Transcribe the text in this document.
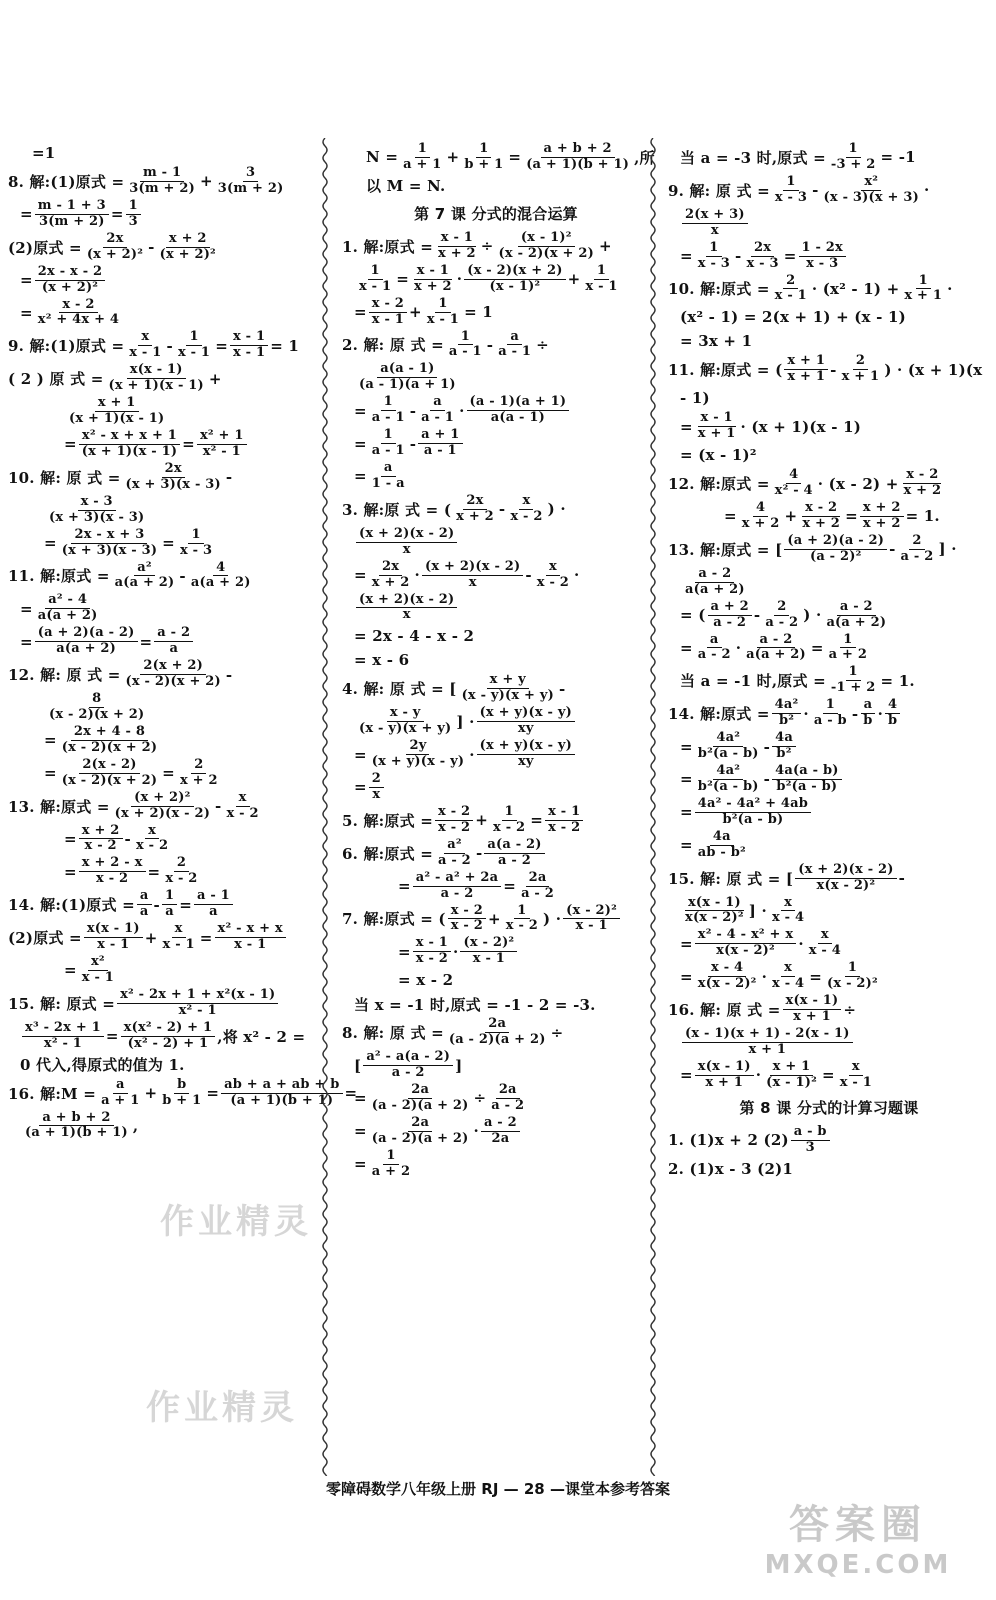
=1
8. 解:(1)原式 = $\frac{m - 1}{3(m + 2)} + \frac{3}{3(m + 2)}$
= $\frac{m - 1 + 3}{3(m + 2)} = \frac{1}{3}$
(2)原式 = $\frac{2x}{\text{(x + 2)²}} - \frac{x + 2}{\text{(x + 2)²}}$
= $\frac{2x - x - 2}{\text{(x + 2)²}}$
= $\frac{x - 2}{\text{x² + 4x + 4}}$
9. 解:(1)原式 = $\frac{x}{x - 1} - \frac{1}{x - 1} = \frac{x - 1}{x - 1} = 1$
( 2 ) 原 式 = $\frac{x(x - 1)}{(x + 1)(x - 1)}$ +
$\frac{x + 1}{(x + 1)(x - 1)}$
= $\frac{\text{x² - x + x + 1}}{(x + 1)(x - 1)} = \frac{\text{x² + 1}}{\text{x² - 1}}$
10. 解: 原 式 = $\frac{2x}{(x + 3)(x - 3)}$ -
$\frac{x - 3}{(x + 3)(x - 3)}$
= $\frac{2x - x + 3}{(x + 3)(x - 3)} = \frac{1}{x - 3}$
11. 解:原式 = $\frac{\text{a²}}{a(a + 2)} - \frac{4}{a(a + 2)}$
= $\frac{\text{a² - 4}}{a(a + 2)}$
= $\frac{(a + 2)(a - 2)}{a(a + 2)} = \frac{a - 2}{a}$
12. 解: 原 式 = $\frac{2(x + 2)}{(x - 2)(x + 2)}$ -
$\frac{8}{(x - 2)(x + 2)}$
= $\frac{2x + 4 - 8}{(x - 2)(x + 2)}$
= $\frac{2(x - 2)}{(x - 2)(x + 2)} = \frac{2}{x + 2}$
13. 解:原式 = $\frac{\text{(x + 2)²}}{(x + 2)(x - 2)} - \frac{x}{x - 2}$
= $\frac{x + 2}{x - 2} - \frac{x}{x - 2}$
= $\frac{x + 2 - x}{x - 2} = \frac{2}{x - 2}$
14. 解:(1)原式 = $\frac{a}{a} - \frac{1}{a} = \frac{a - 1}{a}$
(2)原式 = $\frac{x(x - 1)}{x - 1} + \frac{x}{x - 1} = \frac{\text{x² - x + x}}{x - 1}$
= $\frac{\text{x²}}{x - 1}$
15. 解: 原式 = $\frac{\text{x² - 2x + 1 + x²(x - 1)}}{\text{x² - 1}}$
$\frac{\text{x³ - 2x + 1}}{\text{x² - 1}} = \frac{\text{x(x² - 2) + 1}}{\text{(x² - 2) + 1}}$ ,将 x² - 2 =
0 代入,得原式的值为 1.
16. 解:M = $\frac{a}{a + 1} + \frac{b}{b + 1} = \frac{ab + a + ab + b}{(a + 1)(b + 1)}$ =
$\frac{a + b + 2}{(a + 1)(b + 1)}$ ,
$N = \frac{1}{a + 1} + \frac{1}{b + 1} = \frac{a + b + 2}{(a + 1)(b + 1)}$ ,所
以 M = N.
第 7 课 分式的混合运算
1. 解:原式 = $\frac{x - 1}{x + 2} \div \frac{\text{(x - 1)²}}{(x - 2)(x + 2)}$ +
$\frac{1}{x - 1} = \frac{x - 1}{x + 2} \cdot \frac{(x - 2)(x + 2)}{\text{(x - 1)²}} + \frac{1}{x - 1}$
= $\frac{x - 2}{x - 1} + \frac{1}{x - 1} = 1$
2. 解: 原 式 = $\frac{1}{a - 1} - \frac{a}{a - 1}$ ÷
$\frac{a(a - 1)}{(a - 1)(a + 1)}$
= $\frac{1}{a - 1} - \frac{a}{a - 1} \cdot \frac{(a - 1)(a + 1)}{a(a - 1)}$
= $\frac{1}{a - 1} - \frac{a + 1}{a - 1}$
= $\frac{a}{1 - a}$
3. 解:原 式 = ( $\frac{2x}{x + 2} - \frac{x}{x - 2}$ ) ·
$\frac{(x + 2)(x - 2)}{x}$
= $\frac{2x}{x + 2} \cdot \frac{(x + 2)(x - 2)}{x} - \frac{x}{x - 2}$ ·
$\frac{(x + 2)(x - 2)}{x}$
= 2x - 4 - x - 2
= x - 6
4. 解: 原 式 = [ $\frac{x + y}{(x - y)(x + y)}$ -
$\frac{x - y}{(x - y)(x + y)}$ ] · $\frac{(x + y)(x - y)}{xy}$
= $\frac{2y}{(x + y)(x - y)} \cdot \frac{(x + y)(x - y)}{xy}$
= $\frac{2}{x}$
5. 解:原式 = $\frac{x - 2}{x - 2} + \frac{1}{x - 2} = \frac{x - 1}{x - 2}$
6. 解:原式 = $\frac{\text{a²}}{a - 2} - \frac{a(a - 2)}{a - 2}$
= $\frac{\text{a² - a² + 2a}}{a - 2} = \frac{2a}{a - 2}$
7. 解:原式 = ( $\frac{x - 2}{x - 2} + \frac{1}{x - 2}$ ) · $\frac{\text{(x - 2)²}}{x - 1}$
= $\frac{x - 1}{x - 2} \cdot \frac{\text{(x - 2)²}}{x - 1}$
= x - 2
当 x = -1 时,原式 = -1 - 2 = -3.
8. 解: 原 式 = $\frac{2a}{(a - 2)(a + 2)}$ ÷
[ $\frac{\text{a² - a(a - 2)}}{a - 2}$ ]
= $\frac{2a}{(a - 2)(a + 2)} \div \frac{2a}{a - 2}$
= $\frac{2a}{(a - 2)(a + 2)} \cdot \frac{a - 2}{2a}$
= $\frac{1}{a + 2}$
当 a = -3 时,原式 = $\frac{1}{-3 + 2} = -1$
9. 解: 原 式 = $\frac{1}{x - 3} - \frac{\text{x²}}{(x - 3)(x + 3)}$ ·
$\frac{2(x + 3)}{x}$
= $\frac{1}{x - 3} - \frac{2x}{x - 3} = \frac{1 - 2x}{x - 3}$
10. 解:原式 = $\frac{2}{x - 1} \cdot (x^2 - 1) + \frac{1}{x + 1}$ ·
(x² - 1) = 2(x + 1) + (x - 1)
= 3x + 1
11. 解:原式 = ( $\frac{x + 1}{x + 1} - \frac{2}{x + 1}$ ) · (x + 1)(x
- 1)
= $\frac{x - 1}{x + 1} \cdot (x + 1)(x - 1)$
= (x - 1)²
12. 解:原式 = $\frac{4}{\text{x² - 4}} \cdot (x - 2) + \frac{x - 2}{x + 2}$
= $\frac{4}{x + 2} + \frac{x - 2}{x + 2} = \frac{x + 2}{x + 2} = 1$.
13. 解:原式 = [ $\frac{(a + 2)(a - 2)}{\text{(a - 2)²}} - \frac{2}{a - 2}$ ] ·
$\frac{a - 2}{a(a + 2)}$
= ( $\frac{a + 2}{a - 2} - \frac{2}{a - 2}$ ) · $\frac{a - 2}{a(a + 2)}$
= $\frac{a}{a - 2} \cdot \frac{a - 2}{a(a + 2)} = \frac{1}{a + 2}$
当 a = -1 时,原式 = $\frac{1}{-1 + 2} = 1$.
14. 解:原式 = $\frac{\text{4a²}}{\text{b²}} \cdot \frac{1}{a - b} - \frac{a}{b} \cdot \frac{4}{b}$
= $\frac{\text{4a²}}{\text{b²(a - b)}} - \frac{4a}{\text{b²}}$
= $\frac{\text{4a²}}{\text{b²(a - b)}} - \frac{4a(a - b)}{\text{b²(a - b)}}$
= $\frac{\text{4a² - 4a² + 4ab}}{\text{b²(a - b)}}$
= $\frac{4a}{\text{ab - b²}}$
15. 解: 原 式 = [ $\frac{(x + 2)(x - 2)}{\text{x(x - 2)²}}$ -
$\frac{x(x - 1)}{\text{x(x - 2)²}}$ ] · $\frac{x}{x - 4}$
= $\frac{\text{x² - 4 - x² + x}}{\text{x(x - 2)²}} \cdot \frac{x}{x - 4}$
= $\frac{x - 4}{\text{x(x - 2)²}} \cdot \frac{x}{x - 4} = \frac{1}{\text{(x - 2)²}}$
16. 解: 原 式 = $\frac{x(x - 1)}{x + 1}$ ÷
$\frac{(x - 1)(x + 1) - 2(x - 1)}{x + 1}$
= $\frac{x(x - 1)}{x + 1} \cdot \frac{x + 1}{\text{(x - 1)²}} = \frac{x}{x - 1}$
第 8 课 分式的计算习题课
1. (1)x + 2 $(2) \frac{a - b}{3}$
2. (1)x - 3 (2)1
作业精灵
作业精灵
零障碍数学八年级上册 RJ — 28 —课堂本参考答案
答案圈
MXQE.COM
